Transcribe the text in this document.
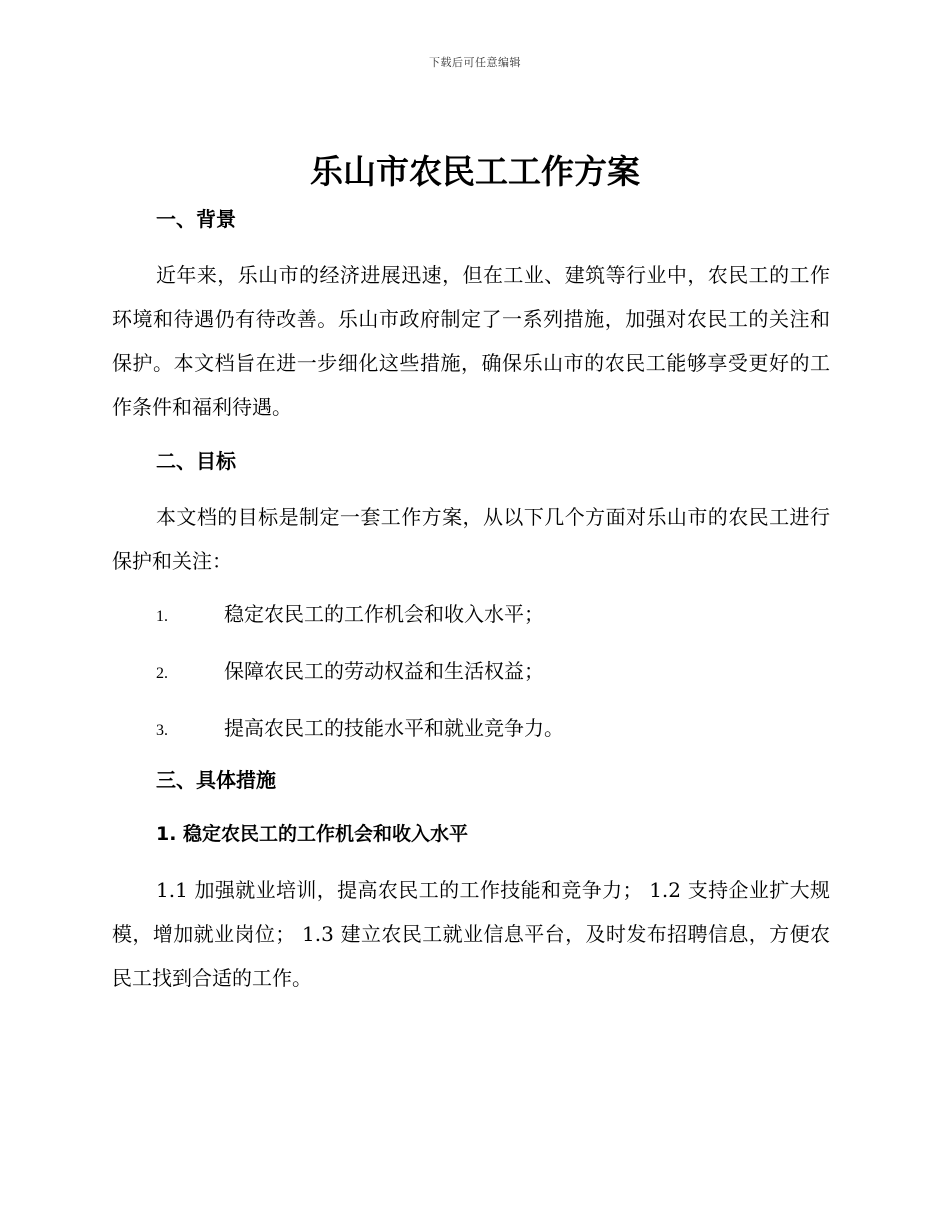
下载后可任意编辑
乐山市农民工工作方案
一、背景

近年来，乐山市的经济进展迅速，但在工业、建筑等行业中，农民工的工作环境和待遇仍有待改善。乐山市政府制定了一系列措施，加强对农民工的关注和保护。本文档旨在进一步细化这些措施，确保乐山市的农民工能够享受更好的工作条件和福利待遇。

二、目标

本文档的目标是制定一套工作方案，从以下几个方面对乐山市的农民工进行保护和关注：

1.	稳定农民工的工作机会和收入水平；
2.	保障农民工的劳动权益和生活权益；
3.	提高农民工的技能水平和就业竞争力。
三、具体措施
1. 稳定农民工的工作机会和收入水平

1.1 加强就业培训，提高农民工的工作技能和竞争力； 1.2 支持企业扩大规模，增加就业岗位； 1.3 建立农民工就业信息平台，及时发布招聘信息，方便农民工找到合适的工作。
